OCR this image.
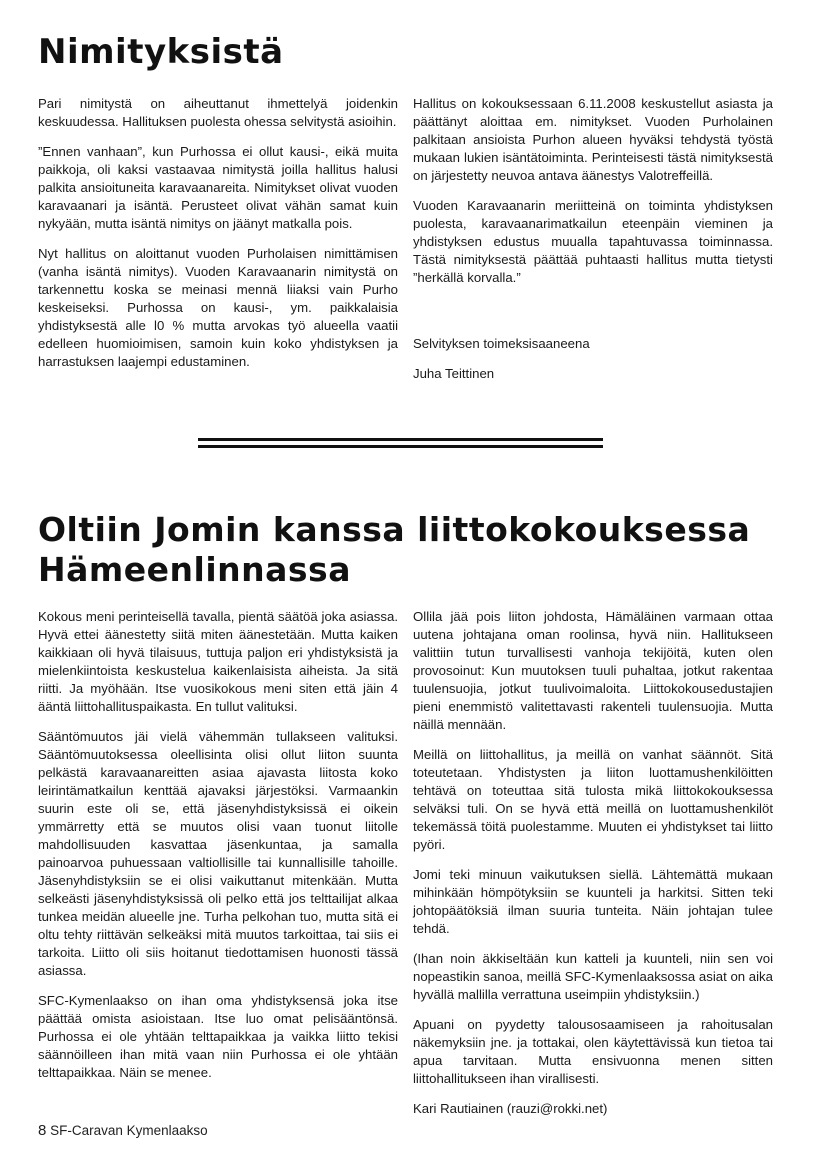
Nimityksistä

Pari nimitystä on aiheuttanut ihmettelyä joidenkin keskuudessa. Hallituksen puolesta ohessa selvitystä asioihin.

”Ennen vanhaan”, kun Purhossa ei ollut kausi-, eikä muita paikkoja, oli kaksi vastaavaa nimitystä joilla hallitus halusi palkita ansioituneita karavaanareita. Nimitykset olivat vuoden karavaanari ja isäntä. Perusteet olivat vähän samat kuin nykyään, mutta isäntä nimitys on jäänyt matkalla pois.

Nyt hallitus on aloittanut vuoden Purholaisen nimittämisen (vanha isäntä nimitys). Vuoden Karavaanarin nimitystä on tarkennettu koska se meinasi mennä liiaksi vain Purho keskeiseksi. Purhossa on kausi-, ym. paikkalaisia yhdistyksestä alle l0 % mutta arvokas työ alueella vaatii edelleen huomioimisen, samoin kuin koko yhdistyksen ja harrastuksen laajempi edustaminen.

Hallitus on kokouksessaan 6.11.2008 keskustellut asiasta ja päättänyt aloittaa em. nimitykset. Vuoden Purholainen palkitaan ansioista Purhon alueen hyväksi tehdystä työstä mukaan lukien isäntätoiminta. Perinteisesti tästä nimityksestä on järjestetty neuvoa antava äänestys Valotreffeillä.

Vuoden Karavaanarin meriitteinä on toiminta yhdistyksen puolesta, karavaanarimatkailun eteenpäin vieminen ja yhdistyksen edustus muualla tapahtuvassa toiminnassa. Tästä nimityksestä päättää puhtaasti hallitus mutta tietysti ”herkällä korvalla.”

Selvityksen toimeksisaaneena

Juha Teittinen

Oltiin Jomin kanssa liittokokouksessa Hämeenlinnassa

Kokous meni perinteisellä tavalla, pientä säätöä joka asiassa. Hyvä ettei äänestetty siitä miten äänestetään. Mutta kaiken kaikkiaan oli hyvä tilaisuus, tuttuja paljon eri yhdistyksistä ja mielenkiintoista keskustelua kaikenlaisista aiheista. Ja sitä riitti. Ja myöhään. Itse vuosikokous meni siten että jäin 4 ääntä liittohallituspaikasta. En tullut valituksi.

Sääntömuutos jäi vielä vähemmän tullakseen valituksi. Sääntömuutoksessa oleellisinta olisi ollut liiton suunta pelkästä karavaanareitten asiaa ajavasta liitosta koko leirintämatkailun kenttää ajavaksi järjestöksi. Varmaankin suurin este oli se, että jäsenyhdistyksissä ei oikein ymmärretty että se muutos olisi vaan tuonut liitolle mahdollisuuden kasvattaa jäsenkuntaa, ja samalla painoarvoa puhuessaan valtiollisille tai kunnallisille tahoille. Jäsenyhdistyksiin se ei olisi vaikuttanut mitenkään. Mutta selkeästi jäsenyhdistyksissä oli pelko että jos telttailijat alkaa tunkea meidän alueelle jne. Turha pelkohan tuo, mutta sitä ei oltu tehty riittävän selkeäksi mitä muutos tarkoittaa, tai siis ei tarkoita. Liitto oli siis hoitanut tiedottamisen huonosti tässä asiassa.

SFC-Kymenlaakso on ihan oma yhdistyksensä joka itse päättää omista asioistaan. Itse luo omat pelisääntönsä. Purhossa ei ole yhtään telttapaikkaa ja vaikka liitto tekisi säännöilleen ihan mitä vaan niin Purhossa ei ole yhtään telttapaikkaa. Näin se menee.

Ollila jää pois liiton johdosta, Hämäläinen varmaan ottaa uutena johtajana oman roolinsa, hyvä niin. Hallitukseen valittiin tutun turvallisesti vanhoja tekijöitä, kuten olen provosoinut: Kun muutoksen tuuli puhaltaa, jotkut rakentaa tuulensuojia, jotkut tuulivoimaloita. Liittokokousedustajien pieni enemmistö valitettavasti rakenteli tuulensuojia. Mutta näillä mennään.

Meillä on liittohallitus, ja meillä on vanhat säännöt. Sitä toteutetaan. Yhdistysten ja liiton luottamushenkilöitten tehtävä on toteuttaa sitä tulosta mikä liittokokouksessa selväksi tuli. On se hyvä että meillä on luottamushenkilöt tekemässä töitä puolestamme. Muuten ei yhdistykset tai liitto pyöri.

Jomi teki minuun vaikutuksen siellä. Lähtemättä mukaan mihinkään hömpötyksiin se kuunteli ja harkitsi. Sitten teki johtopäätöksiä ilman suuria tunteita. Näin johtajan tulee tehdä.

(Ihan noin äkkiseltään kun katteli ja kuunteli, niin sen voi nopeastikin sanoa, meillä SFC-Kymenlaaksossa asiat on aika hyvällä mallilla verrattuna useimpiin yhdistyksiin.)

Apuani on pyydetty talousosaamiseen ja rahoitusalan näkemyksiin jne. ja tottakai, olen käytettävissä kun tietoa tai apua tarvitaan. Mutta ensivuonna menen sitten liittohallitukseen ihan virallisesti.

Kari Rautiainen (rauzi@rokki.net)

8 SF-Caravan Kymenlaakso
